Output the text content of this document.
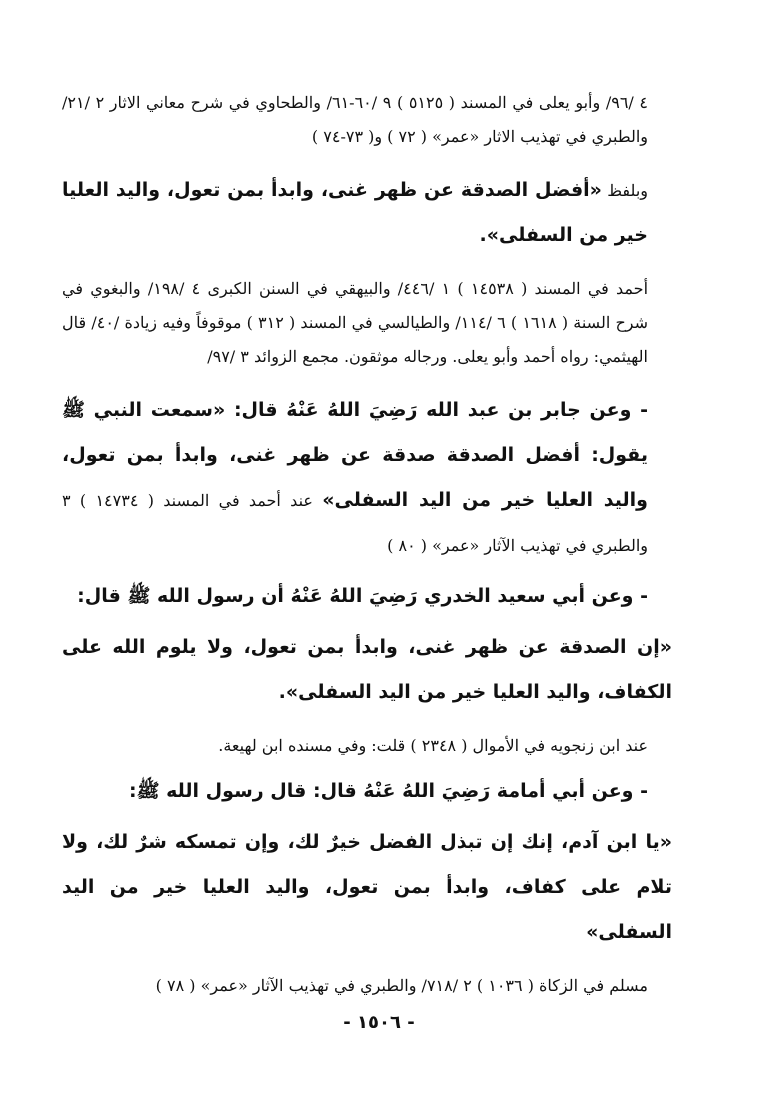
٤ /٩٦/ وأبو يعلى في المسند ( ٥١٢٥ ) ٩ /٦٠-٦١/ والطحاوي في شرح معاني الاثار ٢ /٢١/ والطبري في تهذيب الاثار «عمر» ( ٧٢ ) و( ٧٣-٧٤ )

وبلفظ «أفضل الصدقة عن ظهر غنى، وابدأ بمن تعول، واليد العليا خير من السفلى».

أحمد في المسند ( ١٤٥٣٨ ) ١ /٤٤٦/ والبيهقي في السنن الكبرى ٤ /١٩٨/ والبغوي في شرح السنة ( ١٦١٨ ) ٦ /١١٤/ والطيالسي في المسند ( ٣١٢ ) موقوفاً وفيه زيادة /٤٠/ قال الهيثمي: رواه أحمد وأبو يعلى. ورجاله موثقون. مجمع الزوائد ٣ /٩٧/

- وعن جابر بن عبد الله رَضِيَ اللهُ عَنْهُ قال: «سمعت النبي ﷺ يقول: أفضل الصدقة صدقة عن ظهر غنى، وابدأ بمن تعول، واليد العليا خير من اليد السفلى» عند أحمد في المسند ( ١٤٧٣٤ ) ٣ والطبري في تهذيب الآثار «عمر» ( ٨٠ )

- وعن أبي سعيد الخدري رَضِيَ اللهُ عَنْهُ أن رسول الله ﷺ قال:

«إن الصدقة عن ظهر غنى، وابدأ بمن تعول، ولا يلوم الله على الكفاف، واليد العليا خير من اليد السفلى».

عند ابن زنجويه في الأموال ( ٢٣٤٨ ) قلت: وفي مسنده ابن لهيعة.

- وعن أبي أمامة رَضِيَ اللهُ عَنْهُ قال: قال رسول الله ﷺ:

«يا ابن آدم، إنك إن تبذل الفضل خيرٌ لك، وإن تمسكه شرٌ لك، ولا تلام على كفاف، وابدأ بمن تعول، واليد العليا خير من اليد السفلى»

مسلم في الزكاة ( ١٠٣٦ ) ٢ /٧١٨/ والطبري في تهذيب الآثار «عمر» ( ٧٨ )

- ١٥٠٦ -
